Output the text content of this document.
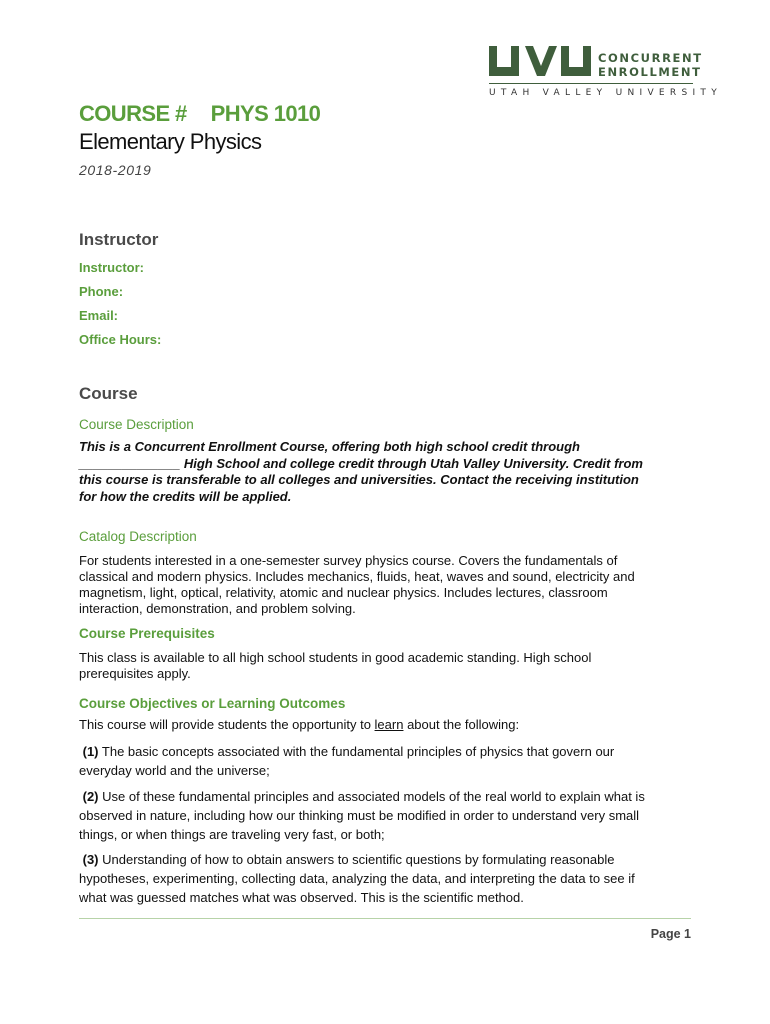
CONCURRENT
ENROLLMENT
UTAH VALLEY UNIVERSITY
COURSE # PHYS 1010
Elementary Physics
2018-2019
Instructor
Instructor:
Phone:
Email:
Office Hours:
Course
Course Description
This is a Concurrent Enrollment Course, offering both high school credit through
______________ High School and college credit through Utah Valley University. Credit from
this course is transferable to all colleges and universities. Contact the receiving institution
for how the credits will be applied.
Catalog Description
For students interested in a one-semester survey physics course. Covers the fundamentals of
classical and modern physics. Includes mechanics, fluids, heat, waves and sound, electricity and
magnetism, light, optical, relativity, atomic and nuclear physics. Includes lectures, classroom
interaction, demonstration, and problem solving.
Course Prerequisites
This class is available to all high school students in good academic standing. High school
prerequisites apply.
Course Objectives or Learning Outcomes
This course will provide students the opportunity to learn about the following:
(1) The basic concepts associated with the fundamental principles of physics that govern our
everyday world and the universe;
(2) Use of these fundamental principles and associated models of the real world to explain what is
observed in nature, including how our thinking must be modified in order to understand very small
things, or when things are traveling very fast, or both;
(3) Understanding of how to obtain answers to scientific questions by formulating reasonable
hypotheses, experimenting, collecting data, analyzing the data, and interpreting the data to see if
what was guessed matches what was observed. This is the scientific method.
Page 1
